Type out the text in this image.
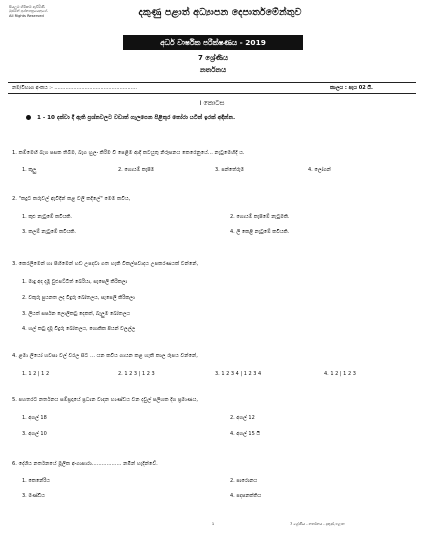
සියලුම හිමිකම් ඇවිරිණි
මුළුමන් පුශ්නපත්‍රයෙනුගේ.
All Rights Reserved	දකුණු පළාත් අධ්‍යාපන දෙපාර්තමේන්තුව
අර්ධ වාර්ෂික පරීක්ෂණය - 2019
7 ශ්‍රේණිය
නර්තනය
නම/විභාග අංකය :- ....................................................	කාලය : පැය 02 යි.
I කොටස
1 - 10 දක්වා දී ඇති ප්‍රශ්නවලට වඩාත් ගැලපෙන පිළිතුර තෝරා යටින් ඉරක් අඳින්න.
1. කම්මෙහි බැග පසක තිබිම, බැග හුලං කිරිම වී පෙළිම ආදී කටයුතු නිරූපනය කෙරෙනුයේ... නැටුමෙහිදි ය.
1. කුලු	2. ගොයම් කැපිම	3. පන්තේරුම	4. ලෝගන්
2. "කදුට කරුවල් ඇවිදින් කළ වලි කදිලේ" මෙම කවිය,
1. කුළු නැටුමේ කවියකි.	2. ගොයම් කැපිමේ නැටුමකි.
3. කලම් නැටුමේ කවියකි.	4. ලී කෙළි නැටුමේ කවියකි.
3. කෙරලිමෙන් හා පිහිමෙන් හඩ උපදවා ගත හැකි වීකල්පවාදය උපකරණයක් වන්නේ,
1. මාදු අද දමූ වුළුපට්ටිත් බෙරියා, සැපෙලි කිරිකලා
2. වකුරු පුයනත ලද විදුරු බෝතලය, සැපෙලි කිරිකලා
3. ලියත් සර්පන ලොලිකටු දෙකත්, බැලුම බෝතලය
4. හල් කටු දමූ විදුරු බෝතලය, ගොකික පියන් වලල්ල
4. ළමා ලියෝ හවසා වල් වරල සිට ... යන කවිය ගායන කළ හැකි කාල රූපය වන්නේ,
1. 1 2 | 1 2	2. 1 2 3 | 1 2 3	3. 1 2 3 4 | 1 2 3 4	4. 1 2 | 1 2 3
5. පහතරට නර්තනය සම්ප්‍රදායේ ප්‍රධාන වාදන භාණ්ඩය වන දවුල් පලිහක දිග ප්‍රමාණය,
1. අගල් 18	2. අගල් 12
3. අගල් 10	4. අගල් 15 යි
6. දේශීය නර්තනයේ මූලික අංගාපාරා.................. නමින් හැදින්වේ.
1. කෙනේරිය	2. පාරොනය
3. මණ්ඩිය	4. පදපනක්තිය
1	7 ශ්‍රේණිය - නර්තනය - දකුණු පළාත
